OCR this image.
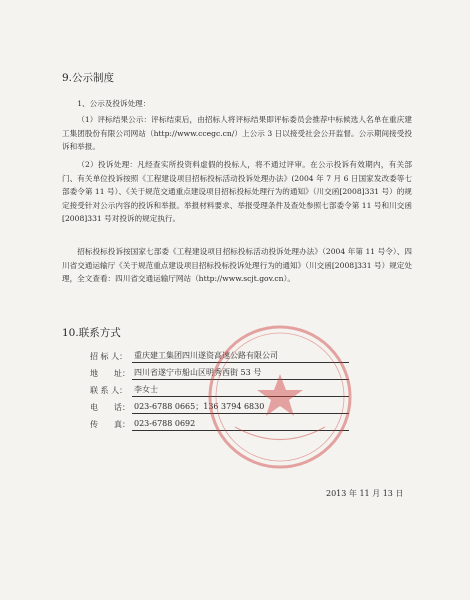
9.公示制度

1、公示及投诉处理：

（1）评标结果公示：评标结束后，由招标人将评标结果即评标委员会推荐中标候选人名单在重庆建工集团股份有限公司网站（http://www.ccegc.cn/）上公示 3 日以接受社会公开监督。公示期间接受投诉和举报。

（2）投诉处理：凡经查实所投资料虚假的投标人，将不通过评审。在公示投诉有效期内，有关部门、有关单位投诉按照《工程建设项目招标投标活动投诉处理办法》(2004 年 7 月 6 日国家发改委等七部委令第 11 号）、《关于规范交通重点建设项目招标投标处理行为的通知》（川交函[2008]331 号）的规定接受针对公示内容的投诉和举报。举报材料要求、举报受理条件及查处参照七部委令第 11 号和川交函[2008]331 号对投诉的规定执行。

招标投标投诉按国家七部委《工程建设项目招标投标活动投诉处理办法》（2004 年第 11 号令）、四川省交通运输厅《关于规范重点建设项目招标投标投诉处理行为的通知》（川交函[2008]331 号）规定处理，全文查看：四川省交通运输厅网站（http://www.scjt.gov.cn）。

10.联系方式
招 标 人： 重庆建工集团四川遂资高速公路有限公司
地　　址： 四川省遂宁市船山区明秀西街 53 号
联 系 人： 李女士
电　　话： 023-6788 0665；136 3794 6830
传　　真： 023-6788 0692
2013 年 11 月 13 日
